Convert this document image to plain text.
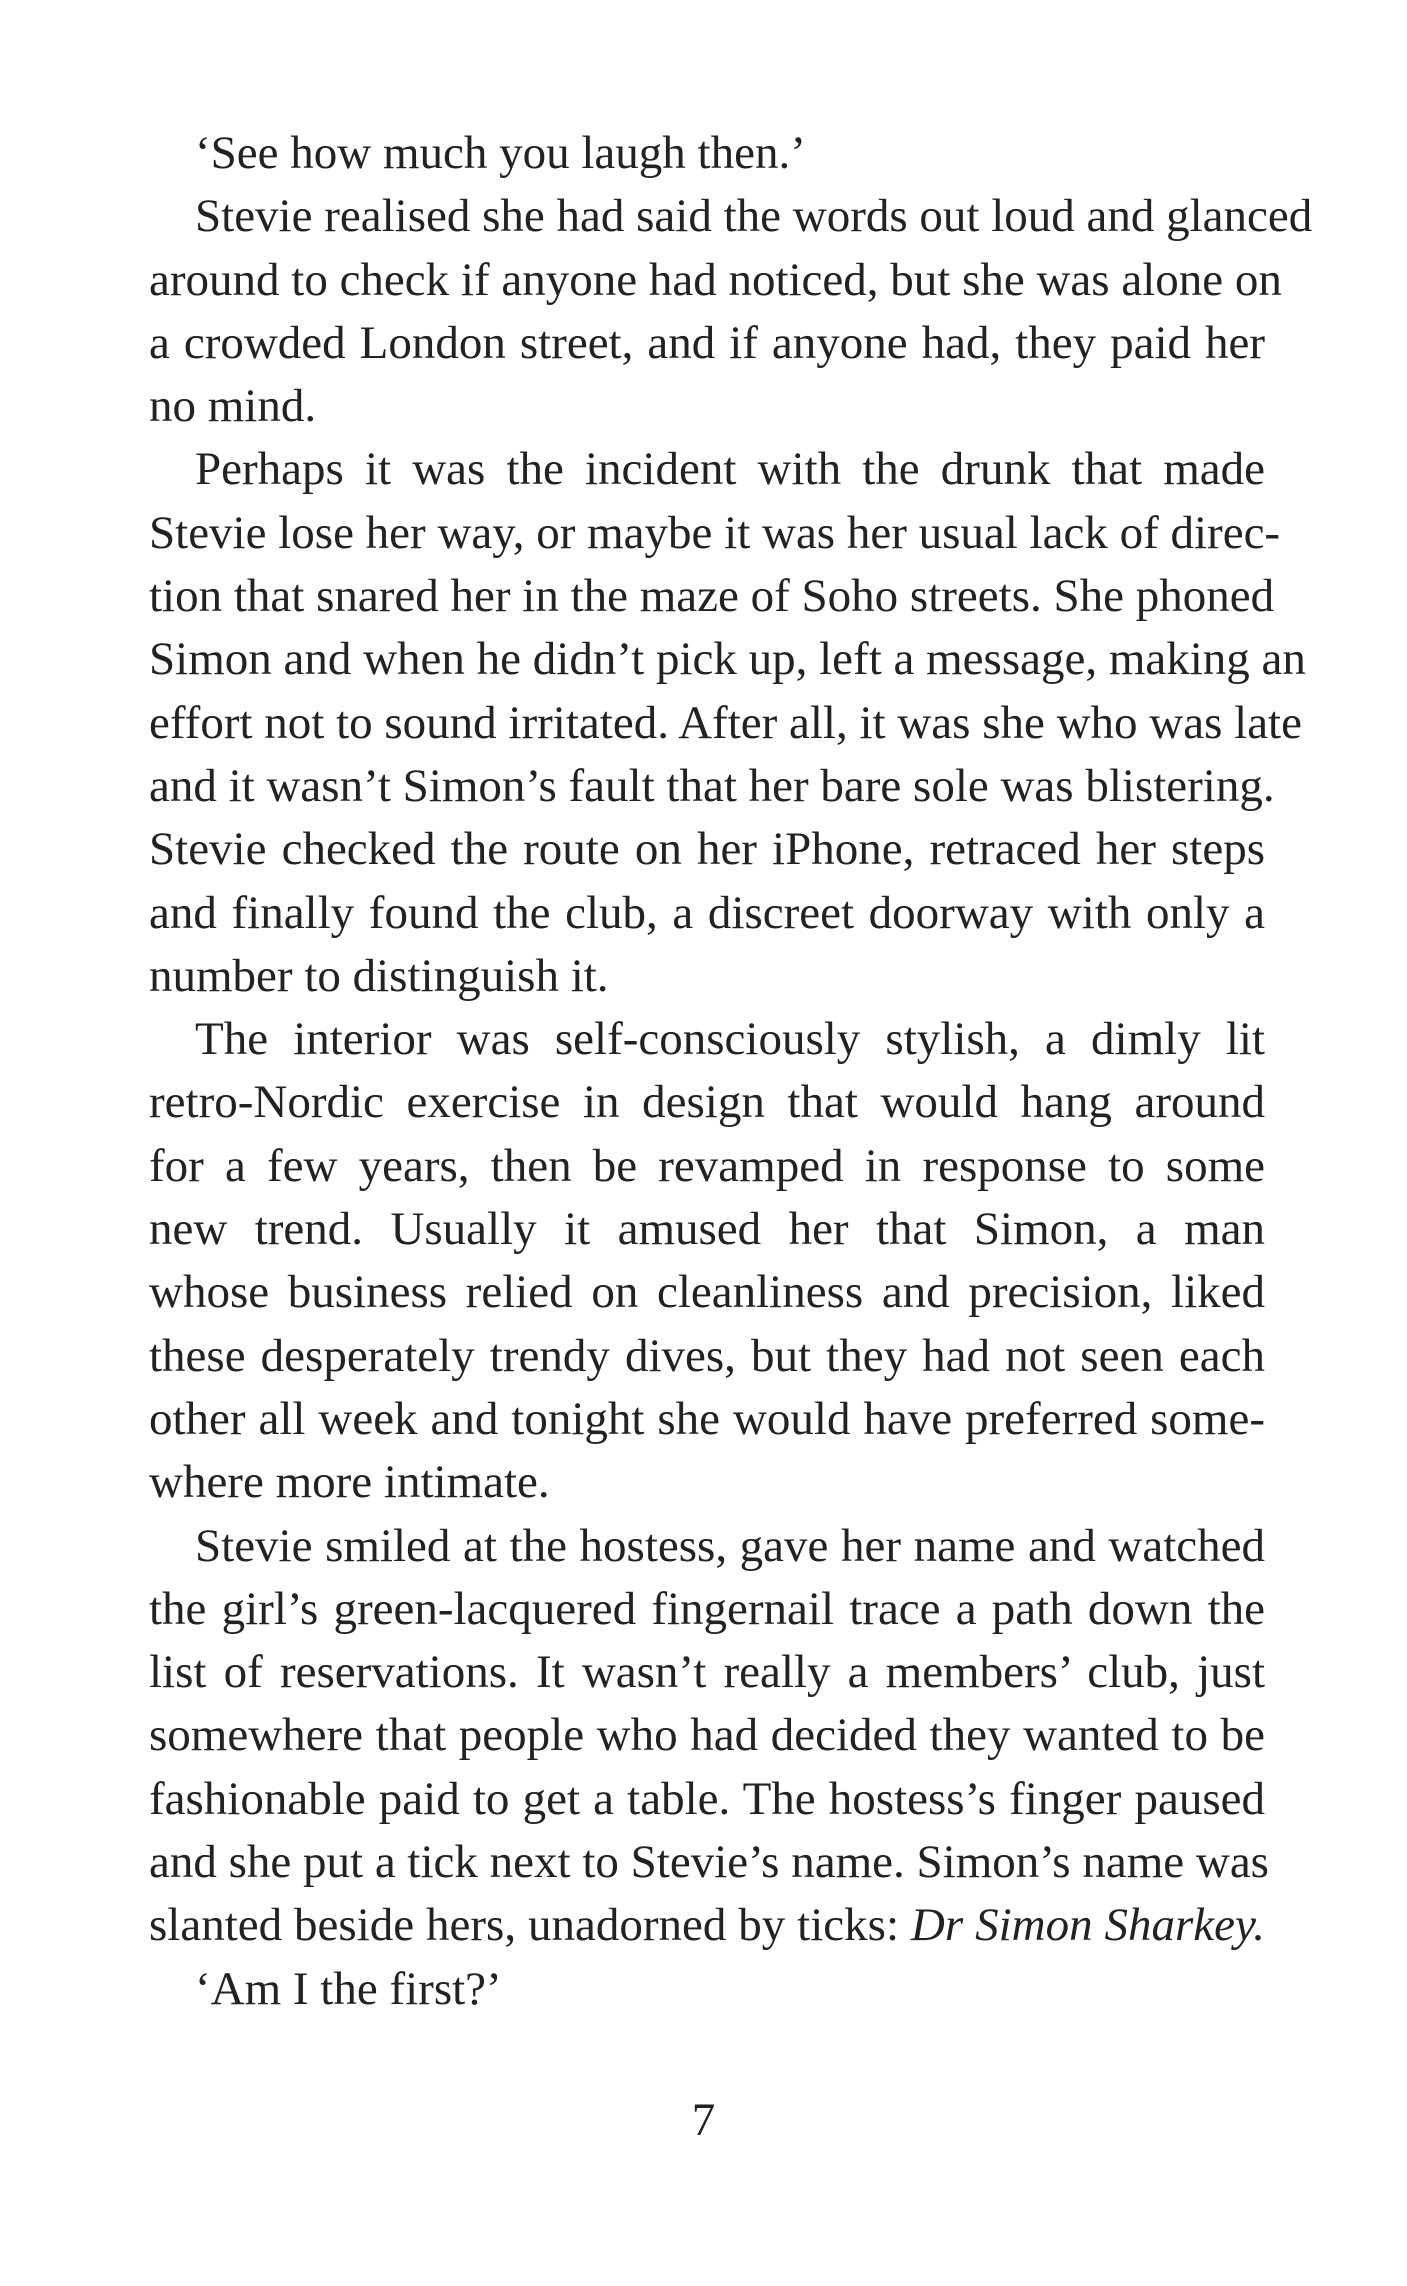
‘See how much you laugh then.’
Stevie realised she had said the words out loud and glanced
around to check if anyone had noticed, but she was alone on
a crowded London street, and if anyone had, they paid her
no mind.
Perhaps it was the incident with the drunk that made
Stevie lose her way, or maybe it was her usual lack of direc-
tion that snared her in the maze of Soho streets. She phoned
Simon and when he didn’t pick up, left a message, making an
effort not to sound irritated. After all, it was she who was late
and it wasn’t Simon’s fault that her bare sole was blistering.
Stevie checked the route on her iPhone, retraced her steps
and finally found the club, a discreet doorway with only a
number to distinguish it.
The interior was self-consciously stylish, a dimly lit
retro-Nordic exercise in design that would hang around
for a few years, then be revamped in response to some
new trend. Usually it amused her that Simon, a man
whose business relied on cleanliness and precision, liked
these desperately trendy dives, but they had not seen each
other all week and tonight she would have preferred some-
where more intimate.
Stevie smiled at the hostess, gave her name and watched
the girl’s green-lacquered fingernail trace a path down the
list of reservations. It wasn’t really a members’ club, just
somewhere that people who had decided they wanted to be
fashionable paid to get a table. The hostess’s finger paused
and she put a tick next to Stevie’s name. Simon’s name was
slanted beside hers, unadorned by ticks: Dr Simon Sharkey.
‘Am I the first?’
7
